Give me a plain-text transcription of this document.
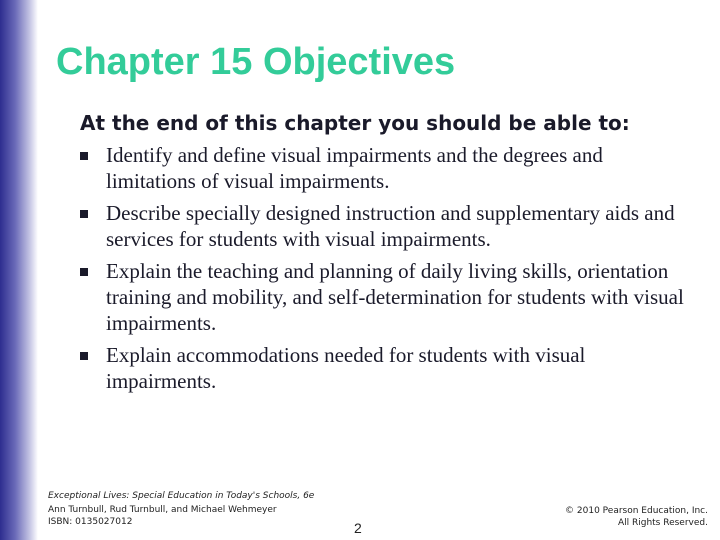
Chapter 15 Objectives
At the end of this chapter you should be able to:
Identify and define visual impairments and the degrees and limitations of visual impairments.
Describe specially designed instruction and supplementary aids and services for students with visual impairments.
Explain the teaching and planning of daily living skills, orientation training and mobility, and self-determination for students with visual impairments.
Explain accommodations needed for students with visual impairments.
Exceptional Lives: Special Education in Today's Schools, 6e
Ann Turnbull, Rud Turnbull, and Michael Wehmeyer
ISBN: 0135027012	2
© 2010 Pearson Education, Inc.
All Rights Reserved.
